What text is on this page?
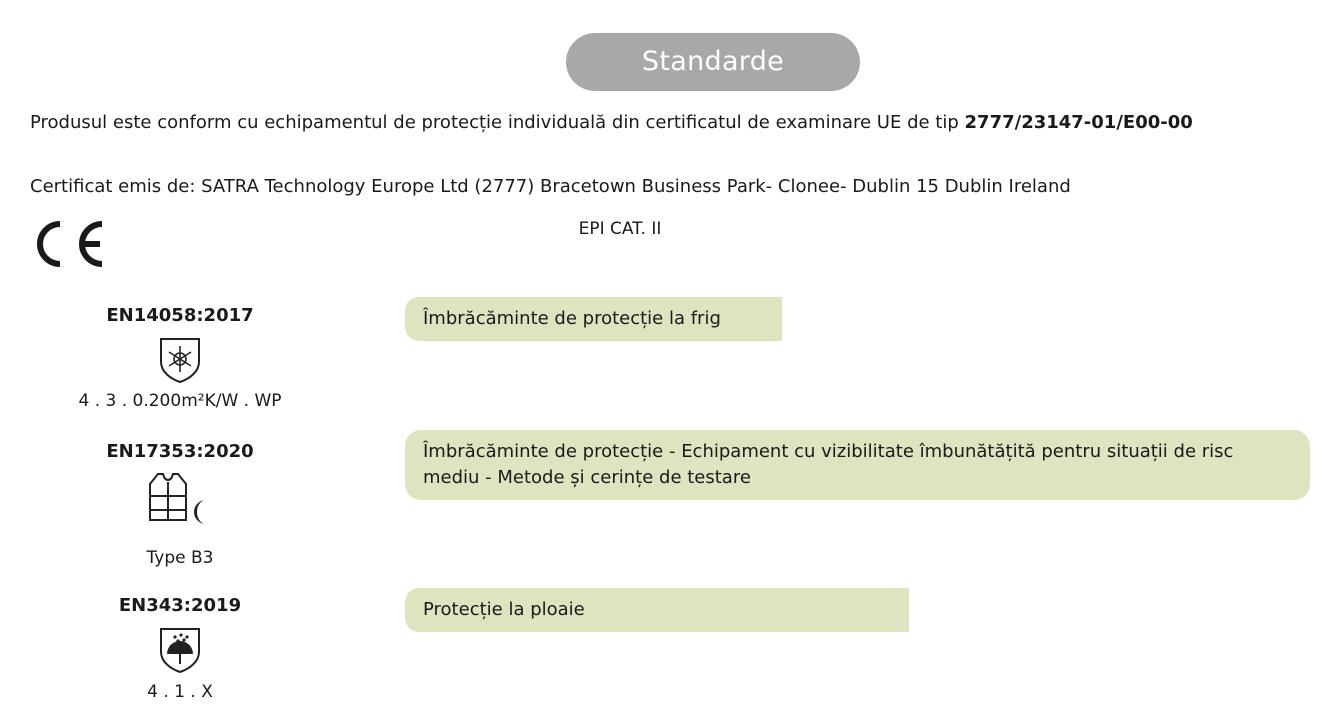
Standarde
Produsul este conform cu echipamentul de protecție individuală din certificatul de examinare UE de tip 2777/23147-01/E00-00
Certificat emis de: SATRA Technology Europe Ltd (2777) Bracetown Business Park- Clonee- Dublin 15 Dublin Ireland
EPI CAT. II
EN14058:2017
4 . 3 . 0.200m²K/W . WP
Îmbrăcăminte de protecție la frig
EN17353:2020
Type B3
Îmbrăcăminte de protecție - Echipament cu vizibilitate îmbunătățită pentru situații de risc mediu - Metode și cerințe de testare
EN343:2019
4 . 1 . X
Protecție la ploaie
